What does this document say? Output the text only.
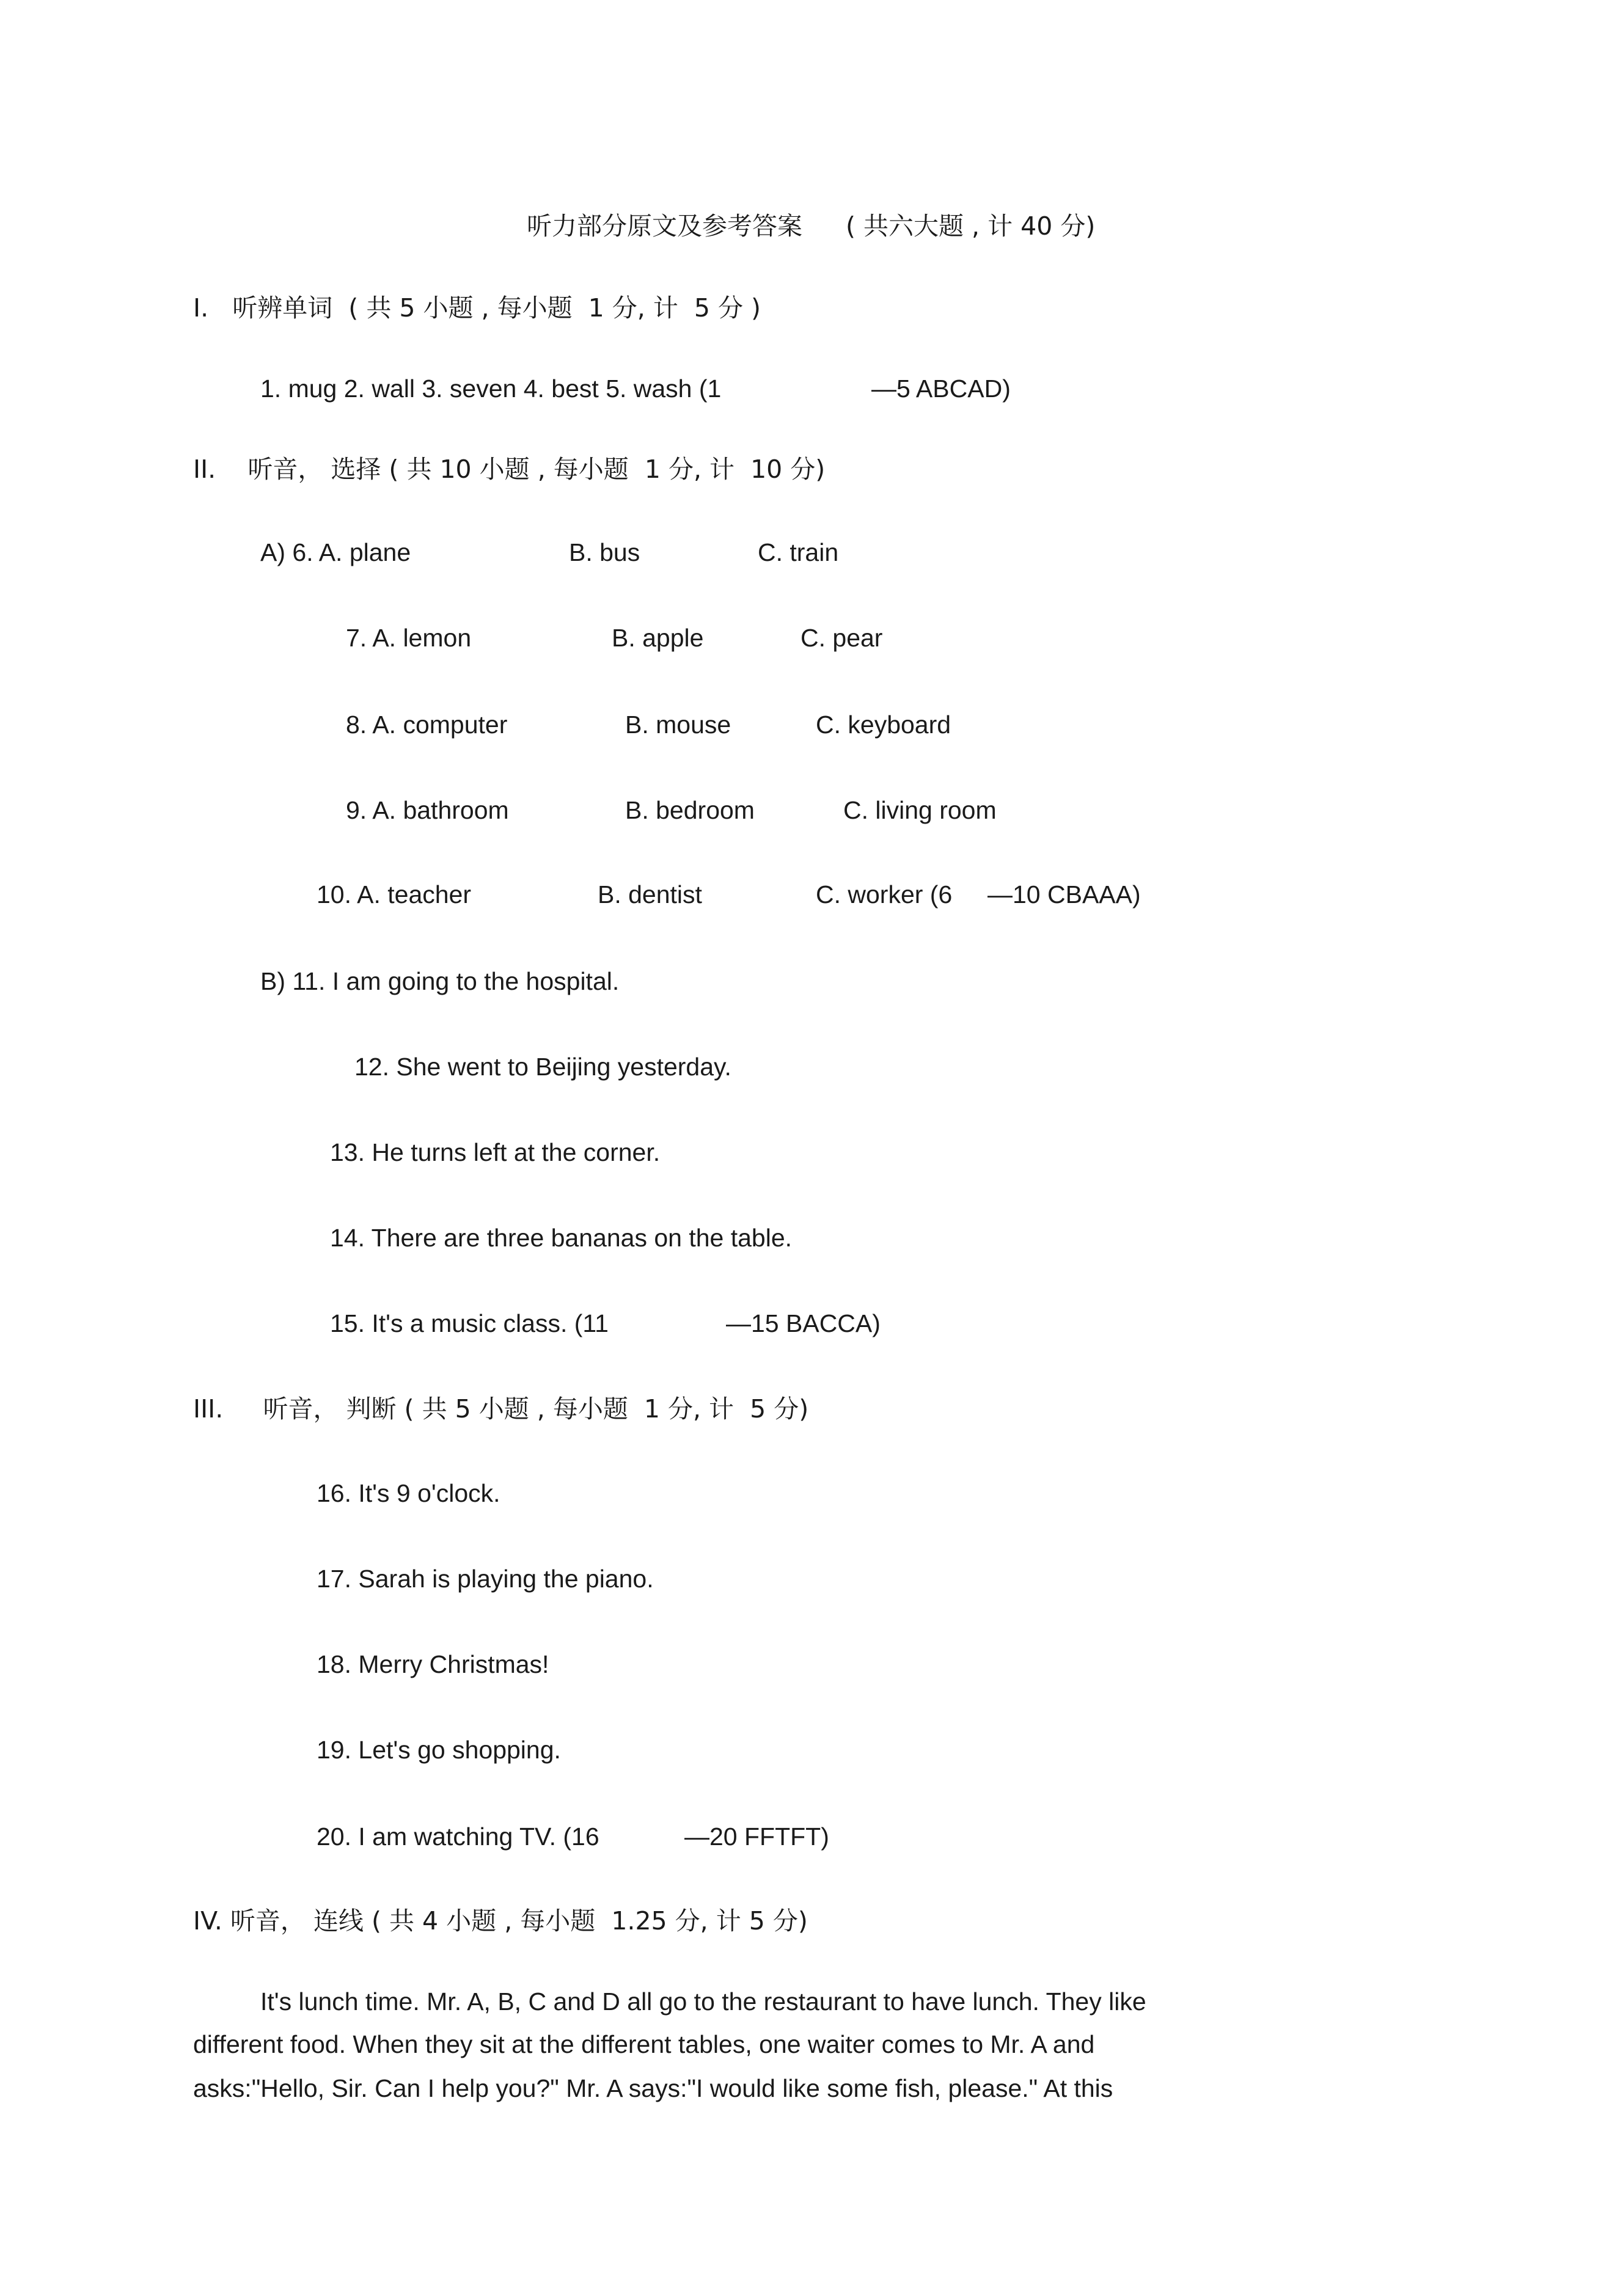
听力部分原文及参考答案 ( 共六大题 , 计 40 分)
I.   听辨单词  ( 共 5 小题 , 每小题  1 分, 计  5 分 )
1. mug 2. wall 3. seven 4. best 5. wash (1	—5 ABCAD)
II.    听音， 选择 ( 共 10 小题 , 每小题  1 分, 计  10 分)
A) 6. A. plane	B. bus	C. train
7. A. lemon	B. apple	C. pear
8. A. computer	B. mouse	C. keyboard
9. A. bathroom	B. bedroom	C. living room
10. A. teacher	B. dentist	C. worker (6 —10 CBAAA)
B) 11. I am going to the hospital.
12. She went to Beijing yesterday.
13. He turns left at the corner.
14. There are three bananas on the table.
15. It's a music class. (11	—15 BACCA)
III.     听音， 判断 ( 共 5 小题 , 每小题  1 分, 计  5 分)
16. It's 9 o'clock.
17. Sarah is playing the piano.
18. Merry Christmas!
19. Let's go shopping.
20. I am watching TV. (16	—20 FFTFT)
IV. 听音， 连线 ( 共 4 小题 , 每小题  1.25 分, 计 5 分)
It's lunch time. Mr. A, B, C and D all go to the restaurant to have lunch. They like
different food. When they sit at the different tables, one waiter comes to Mr. A and
asks:"Hello, Sir. Can I help you?" Mr. A says:"I would like some fish, please." At this
